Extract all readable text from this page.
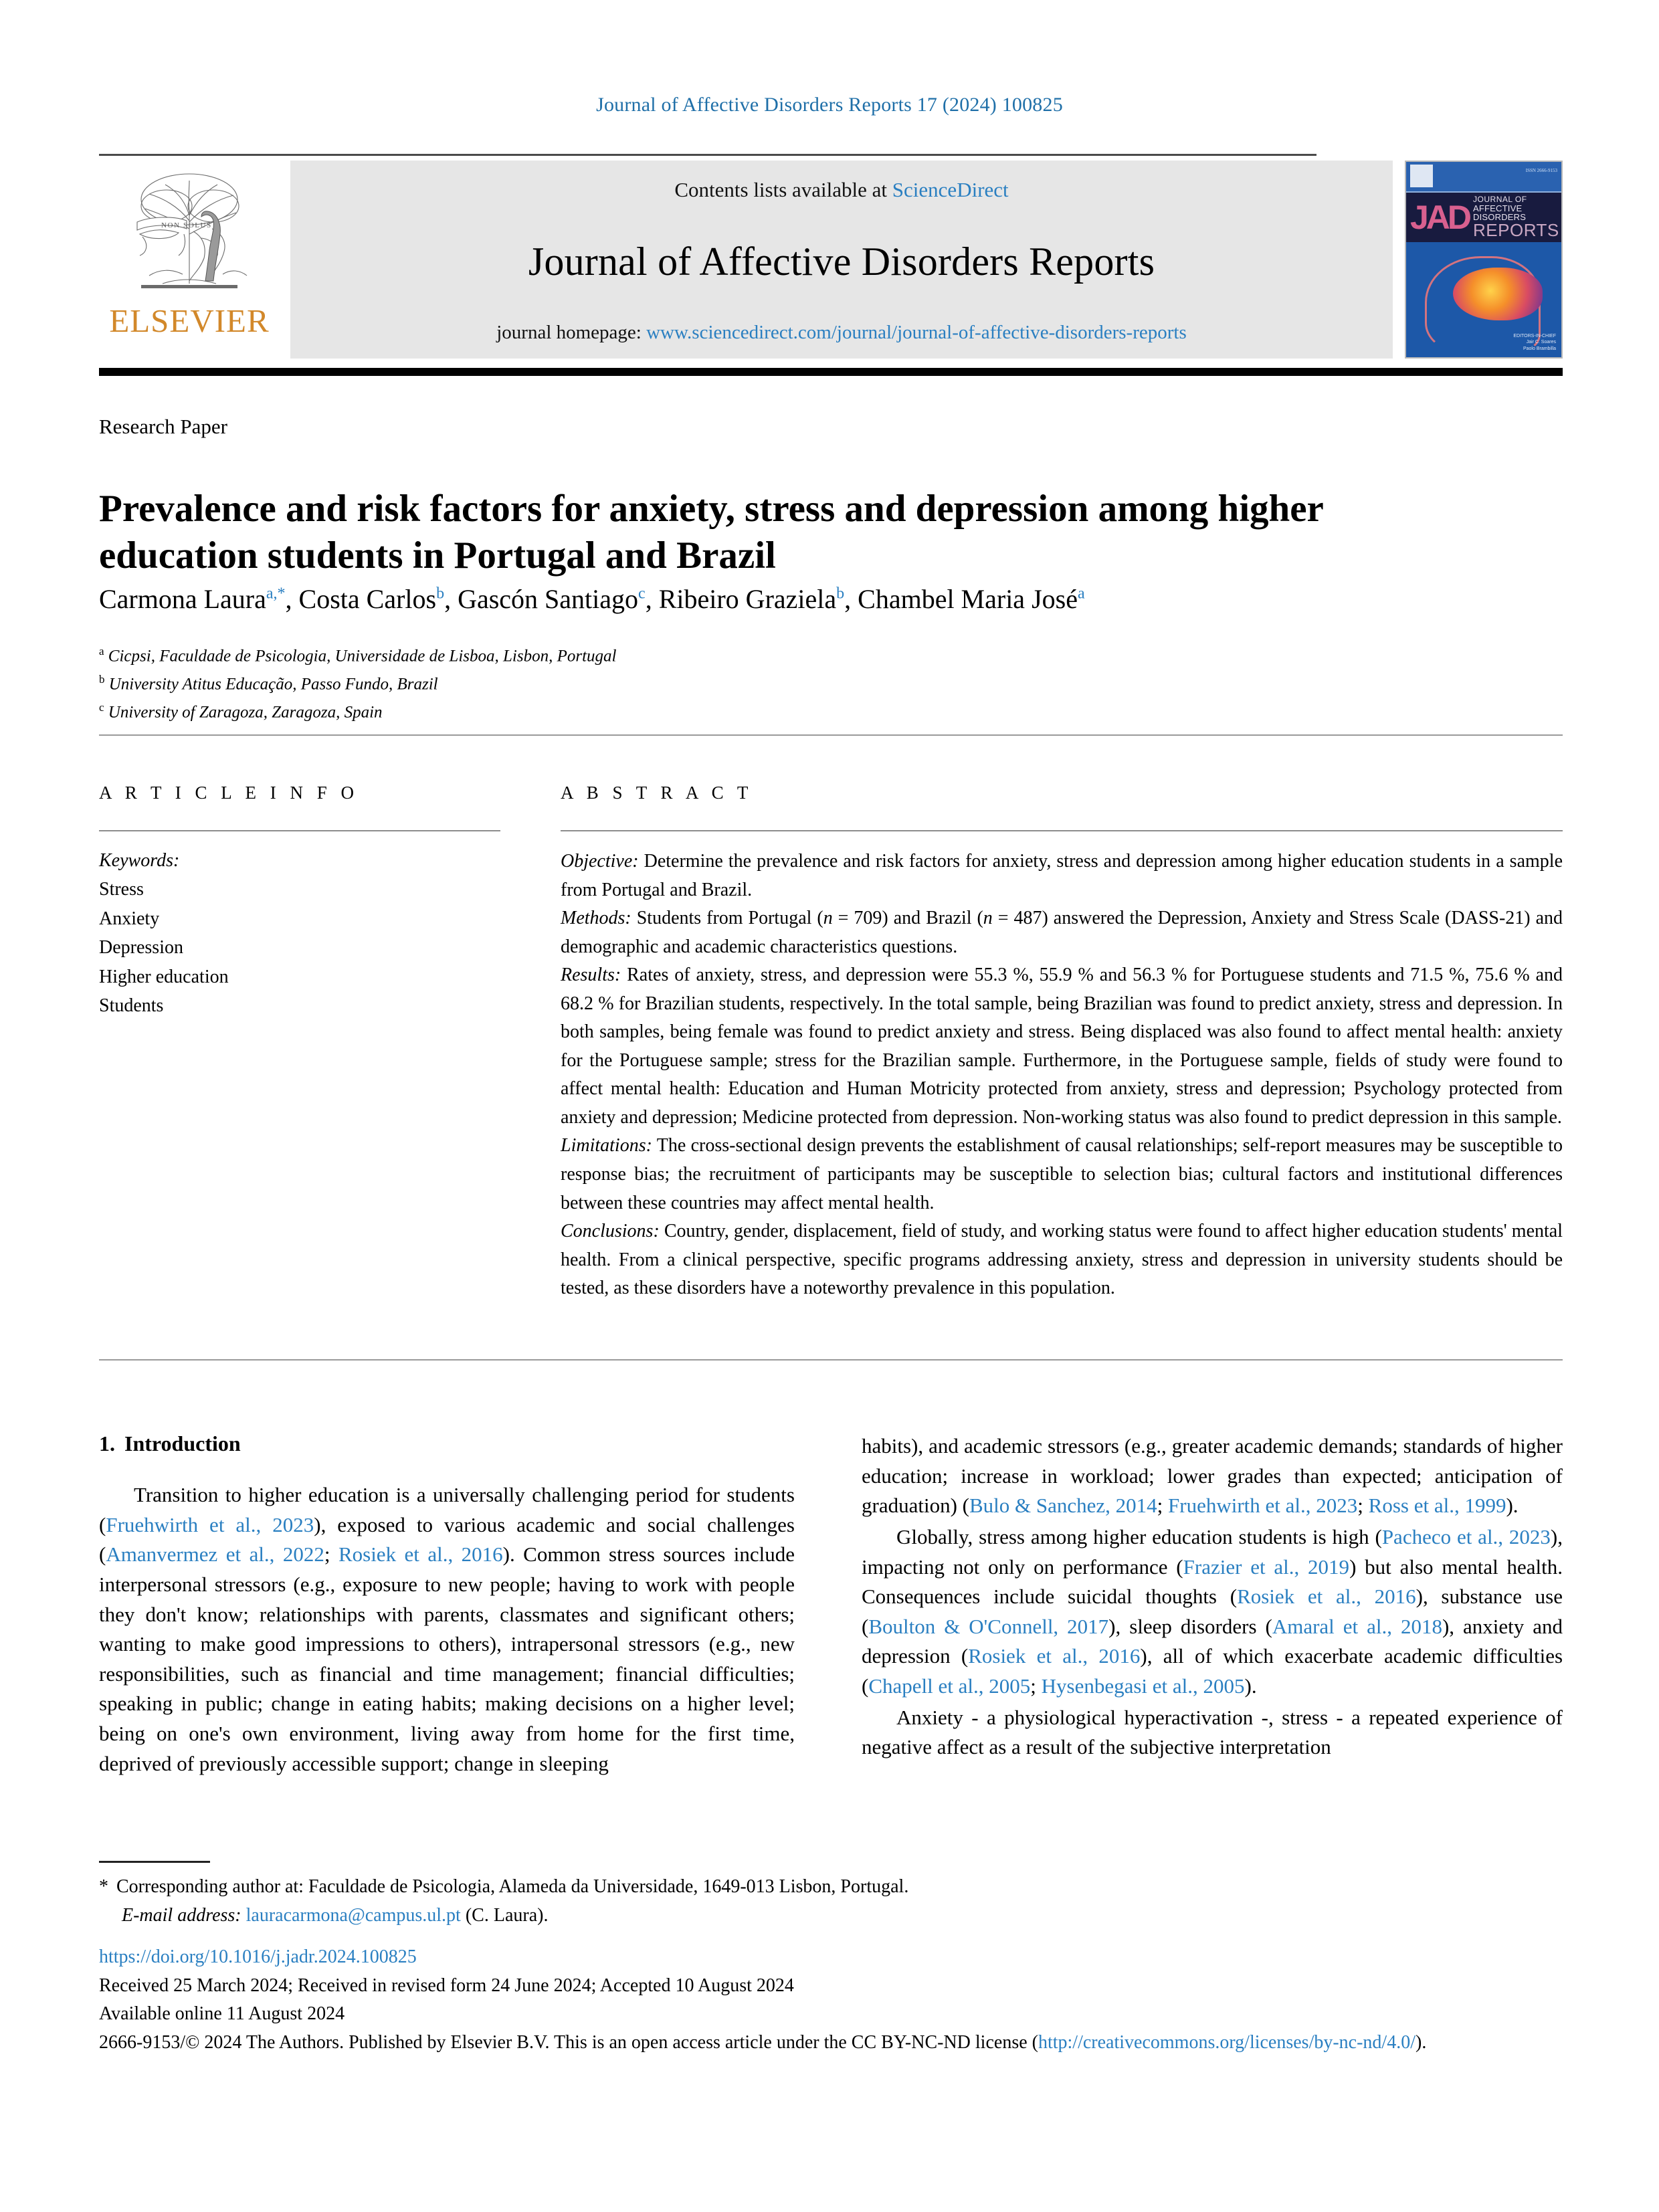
Journal of Affective Disorders Reports 17 (2024) 100825
NON SOLUS
ELSEVIER
Contents lists available at ScienceDirect
Journal of Affective Disorders Reports
journal homepage: www.sciencedirect.com/journal/journal-of-affective-disorders-reports
ISSN 2666-9153
JAD JOURNAL OF
AFFECTIVE DISORDERS
REPORTS
EDITORS-IN-CHIEF
Jair C. Soares
Paolo Brambilla
Research Paper
Prevalence and risk factors for anxiety, stress and depression among higher education students in Portugal and Brazil
Carmona Laura$^{a,*}$, Costa Carlos$^b$, Gascón Santiago$^c$, Ribeiro Graziela$^b$, Chambel Maria José$^a$
$^a$ Cicpsi, Faculdade de Psicologia, Universidade de Lisboa, Lisbon, Portugal
$^b$ University Atitus Educação, Passo Fundo, Brazil
$^c$ University of Zaragoza, Zaragoza, Spain
A R T I C L E I N F O
Keywords:
Stress
Anxiety
Depression
Higher education
Students
A B S T R A C T

Objective: Determine the prevalence and risk factors for anxiety, stress and depression among higher education students in a sample from Portugal and Brazil.

Methods: Students from Portugal (n = 709) and Brazil (n = 487) answered the Depression, Anxiety and Stress Scale (DASS-21) and demographic and academic characteristics questions.

Results: Rates of anxiety, stress, and depression were 55.3 %, 55.9 % and 56.3 % for Portuguese students and 71.5 %, 75.6 % and 68.2 % for Brazilian students, respectively. In the total sample, being Brazilian was found to predict anxiety, stress and depression. In both samples, being female was found to predict anxiety and stress. Being displaced was also found to affect mental health: anxiety for the Portuguese sample; stress for the Brazilian sample. Furthermore, in the Portuguese sample, fields of study were found to affect mental health: Education and Human Motricity protected from anxiety, stress and depression; Psychology protected from anxiety and depression; Medicine protected from depression. Non-working status was also found to predict depression in this sample.

Limitations: The cross-sectional design prevents the establishment of causal relationships; self-report measures may be susceptible to response bias; the recruitment of participants may be susceptible to selection bias; cultural factors and institutional differences between these countries may affect mental health.

Conclusions: Country, gender, displacement, field of study, and working status were found to affect higher education students' mental health. From a clinical perspective, specific programs addressing anxiety, stress and depression in university students should be tested, as these disorders have a noteworthy prevalence in this population.

1. Introduction

Transition to higher education is a universally challenging period for students (Fruehwirth et al., 2023), exposed to various academic and social challenges (Amanvermez et al., 2022; Rosiek et al., 2016). Common stress sources include interpersonal stressors (e.g., exposure to new people; having to work with people they don't know; relationships with parents, classmates and significant others; wanting to make good impressions to others), intrapersonal stressors (e.g., new responsibilities, such as financial and time management; financial difficulties; speaking in public; change in eating habits; making decisions on a higher level; being on one's own environment, living away from home for the first time, deprived of previously accessible support; change in sleeping

habits), and academic stressors (e.g., greater academic demands; standards of higher education; increase in workload; lower grades than expected; anticipation of graduation) (Bulo & Sanchez, 2014; Fruehwirth et al., 2023; Ross et al., 1999).

Globally, stress among higher education students is high (Pacheco et al., 2023), impacting not only on performance (Frazier et al., 2019) but also mental health. Consequences include suicidal thoughts (Rosiek et al., 2016), substance use (Boulton & O'Connell, 2017), sleep disorders (Amaral et al., 2018), anxiety and depression (Rosiek et al., 2016), all of which exacerbate academic difficulties (Chapell et al., 2005; Hysenbegasi et al., 2005).

Anxiety - a physiological hyperactivation -, stress - a repeated experience of negative affect as a result of the subjective interpretation

* Corresponding author at: Faculdade de Psicologia, Alameda da Universidade, 1649-013 Lisbon, Portugal.
E-mail address: lauracarmona@campus.ul.pt (C. Laura).
https://doi.org/10.1016/j.jadr.2024.100825
Received 25 March 2024; Received in revised form 24 June 2024; Accepted 10 August 2024
Available online 11 August 2024
2666-9153/© 2024 The Authors. Published by Elsevier B.V. This is an open access article under the CC BY-NC-ND license (http://creativecommons.org/licenses/by-nc-nd/4.0/).
